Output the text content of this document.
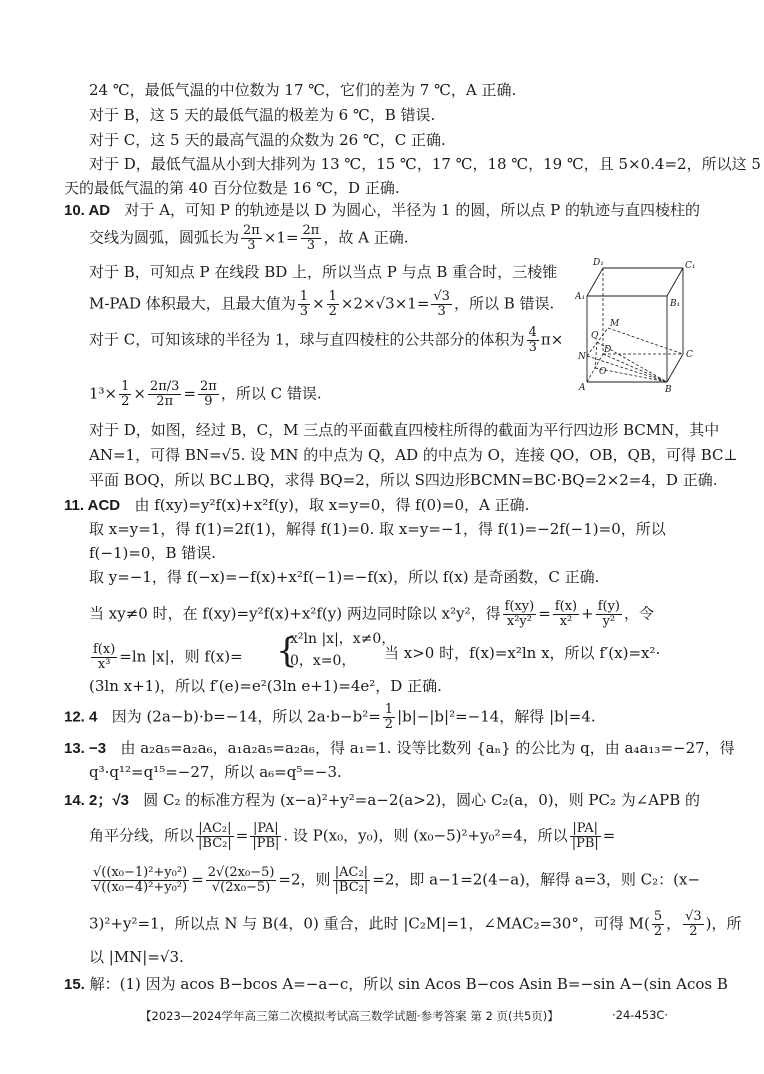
24 ℃，最低气温的中位数为 17 ℃，它们的差为 7 ℃，A 正确.
对于 B，这 5 天的最低气温的极差为 6 ℃，B 错误.
对于 C，这 5 天的最高气温的众数为 26 ℃，C 正确.
对于 D，最低气温从小到大排列为 13 ℃，15 ℃，17 ℃，18 ℃，19 ℃，且 5×0.4=2，所以这 5
天的最低气温的第 40 百分位数是 16 ℃，D 正确.
10. AD 对于 A，可知 P 的轨迹是以 D 为圆心，半径为 1 的圆，所以点 P 的轨迹与直四棱柱的
交线为圆弧，圆弧长为 $\frac{2\pi}{3} \times 1= \frac{2\pi}{3}$ ，故 A 正确.
对于 B，可知点 P 在线段 BD 上，所以当点 P 与点 B 重合时，三棱锥
M-PAD 体积最大，且最大值为 $\frac{1}{3} \times \frac{1}{2} \times 2\times√3\times 1= \frac{√3}{3}$ ，所以 B 错误.
对于 C，可知该球的半径为 1，球与直四棱柱的公共部分的体积为 $\frac{4}{3} \pi\times$
$1^3\times \frac{1}{2} \times \frac{2\pi/3}{2\pi} = \frac{2\pi}{9}$ ，所以 C 错误.
D₁	C₁
A₁
B₁
M
Q
N
D	C
O
A	B
对于 D，如图，经过 B，C，M 三点的平面截直四棱柱所得的截面为平行四边形 BCMN，其中
AN=1，可得 BN=√5. 设 MN 的中点为 Q，AD 的中点为 O，连接 QO，OB，QB，可得 BC⊥
平面 BOQ，所以 BC⊥BQ，求得 BQ=2，所以 S四边形BCMN=BC·BQ=2×2=4，D 正确.
11. ACD 由 f(xy)=y²f(x)+x²f(y)，取 x=y=0，得 f(0)=0，A 正确.
取 x=y=1，得 f(1)=2f(1)，解得 f(1)=0. 取 x=y=−1，得 f(1)=−2f(−1)=0，所以
f(−1)=0，B 错误.
取 y=−1，得 f(−x)=−f(x)+x²f(−1)=−f(x)，所以 f(x) 是奇函数，C 正确.
当 xy≠0 时，在 f(xy)=y²f(x)+x²f(y) 两边同时除以 x²y²，得 $\frac{f(xy)}{\text{x²y²}} = \frac{f(x)}{\text{x²}} + \frac{f(y)}{\text{y²}}$ ，令
$\frac{f(x)}{\text{x³}} =\ln$ |x|，则 f(x)= {
x²ln |x|，x≠0，
0，x=0， 当 x>0 时，f(x)=x²ln x，所以 f′(x)=x²·
(3ln x+1)，所以 f′(e)=e²(3ln e+1)=4e²，D 正确.
12. 4 因为 (2a−b)·b=−14，所以 $2a\cdot b-b^2= \frac{1}{2} |b|-|b|^2=-14$，解得 |b|=4.
13. −3 由 a₂a₅=a₂a₆，a₁a₂a₅=a₂a₆，得 a₁=1. 设等比数列 {aₙ} 的公比为 q，由 a₄a₁₃=−27，得
q³·q¹²=q¹⁵=−27，所以 a₆=q⁵=−3.
14. 2；√3 圆 C₂ 的标准方程为 (x−a)²+y²=a−2(a>2)，圆心 C₂(a，0)，则 PC₂ 为∠APB 的
角平分线，所以 $\frac{\text{|AC₂|}}{\text{|BC₂|}} = \frac{|PA|}{|PB|}$ . 设 P(x₀，y₀)，则 (x₀−5)²+y₀²=4，所以 $\frac{|PA|}{|PB|}$ =
$\frac{\text{√((x₀−1)²+y₀²)}}{\text{√((x₀−4)²+y₀²)}} = \frac{\text{2√(2x₀−5)}}{\text{√(2x₀−5)}} =2$，则 $\frac{\text{|AC₂|}}{\text{|BC₂|}} =2$，即 a−1=2(4−a)，解得 a=3，则 C₂：(x−
3)²+y²=1，所以点 N 与 B(4，0) 重合，此时 |C₂M|=1，∠MAC₂=30°，可得 $M( \frac{5}{2}$ ， $\frac{√3}{2}$ )，所
以 |MN|=√3.
15. 解：(1) 因为 acos B−bcos A=−a−c，所以 sin Acos B−cos Asin B=−sin A−(sin Acos B
【2023—2024学年高三第二次模拟考试高三数学试题·参考答案 第 2 页(共5页)】	·24-453C·
